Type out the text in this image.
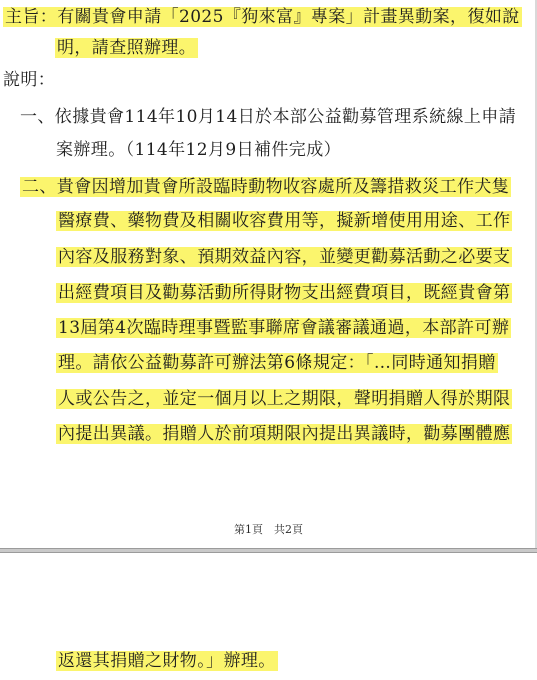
主旨：有關貴會申請「2025『狗來富』專案」計畫異動案，復如說

明，請查照辦理。

說明：

一、依據貴會114年10月14日於本部公益勸募管理系統線上申請

案辦理。（114年12月9日補件完成）

二、貴會因增加貴會所設臨時動物收容處所及籌措救災工作犬隻

醫療費、藥物費及相關收容費用等，擬新增使用用途、工作

內容及服務對象、預期效益內容，並變更勸募活動之必要支

出經費項目及勸募活動所得財物支出經費項目，既經貴會第

13屆第4次臨時理事暨監事聯席會議審議通過，本部許可辦

理。請依公益勸募許可辦法第6條規定：「…同時通知捐贈

人或公告之，並定一個月以上之期限，聲明捐贈人得於期限

內提出異議。捐贈人於前項期限內提出異議時，勸募團體應

第1頁　共2頁

返還其捐贈之財物。」辦理。
